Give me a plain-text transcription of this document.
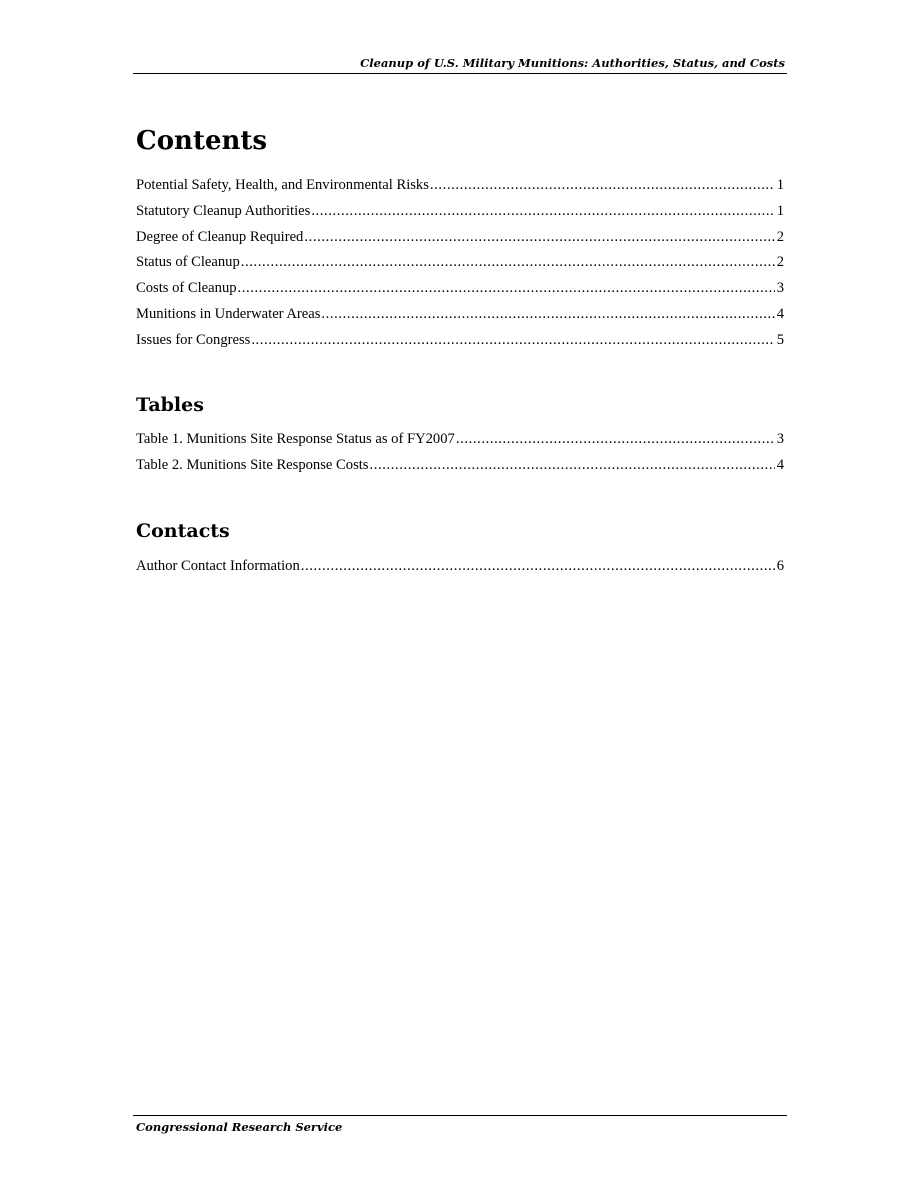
Cleanup of U.S. Military Munitions: Authorities, Status, and Costs
Contents
Potential Safety, Health, and Environmental Risks .....	1
Statutory Cleanup Authorities .....	1
Degree of Cleanup Required .....	2
Status of Cleanup .....	2
Costs of Cleanup .....	3
Munitions in Underwater Areas .....	4
Issues for Congress .....	5
Tables
Table 1. Munitions Site Response Status as of FY2007 .....	3
Table 2. Munitions Site Response Costs .....	4
Contacts
Author Contact Information .....	6
Congressional Research Service
